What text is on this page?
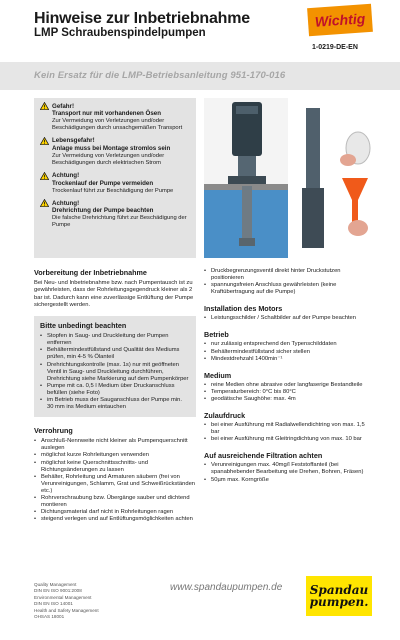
Hinweise zur Inbetriebnahme
LMP Schraubenspindelpumpen
Wichtig
1-0219-DE-EN
Kein Ersatz für die LMP-Betriebsanleitung 951-170-016
Gefahr!
Transport nur mit vorhandenen Ösen
Zur Vermeidung von Verletzungen und/oder Beschädigungen durch unsachgemäßen Transport
Lebensgefahr!
Anlage muss bei Montage stromlos sein
Zur Vermeidung von Verletzungen und/oder Beschädigungen durch elektrischen Strom
Achtung!
Trockenlauf der Pumpe vermeiden
Trockenlauf führt zur Beschädigung der Pumpe
Achtung!
Drehrichtung der Pumpe beachten
Die falsche Drehrichtung führt zur Beschädigung der Pumpe
Vorbereitung der Inbetriebnahme
Bei Neu- und Inbetriebnahme bzw. nach Pumpentausch ist zu gewährleisten, dass der Rohrleitungsgegendruck kleiner als 2 bar ist. Dadurch kann eine zuverlässige Entlüftung der Pumpe sichergestellt werden.
Bitte unbedingt beachten
• Stopfen in Saug- und Druckleitung der Pumpen entfernen
• Behältermindestfüllstand und Qualität des Mediums prüfen, min 4-5 % Ölanteil
• Drehrichtungskontrolle (max. 1s) nur mit geöffneten Ventil in Saug- und Druckleitung durchführen, Drehrichtung siehe Markierung auf dem Pumpenkörper
• Pumpe mit ca. 0,5 l Medium über Druckanschluss befüllen (siehe Foto)
• im Betrieb muss der Sauganschluss der Pumpe min. 30 mm ins Medium eintauchen
Verrohrung
• Anschluß-Nennweite nicht kleiner als Pumpenquerschnitt auslegen
• möglichst kurze Rohrleitungen verwenden
• möglichst keine Querschnittsschnitts- und Richtungsänderungen zu lassen
• Behälter, Rohrleitung und Armaturen säubern (frei von Verunreinigungen, Schlamm, Grat und Schweißrückständen etc.)
• Rohrverschraubung bzw. Übergänge sauber und dichtend montieren
• Dichtungsmaterial darf nicht in Rohrleitungen ragen
• steigend verlegen und auf Entlüftungsmöglichkeiten achten
• Druckbegrenzungsventil direkt hinter Druckstutzen positionieren
• spannungsfreien Anschluss gewährleisten (keine Kraftübertragung auf die Pumpe)
Installation des Motors
• Leistungsschilder / Schaltbilder auf der Pumpe beachten
Betrieb
• nur zulässig entsprechend den Typenschilddaten
• Behältermindestfüllstand sicher stellen
• Mindestdrehzahl 1400min⁻¹
Medium
• reine Medien ohne abrasive oder langfaserige Bestandteile
• Temperaturbereich: 0°C bis 80°C
• geodätische Saughöhe: max. 4m
Zulaufdruck
• bei einer Ausführung mit Radialwellendichtring von max. 1,5 bar
• bei einer Ausführung mit Gleitringdichtung von max. 10 bar
Auf ausreichende Filtration achten
• Verunreinigungen max. 40mg/l Feststoffanteil (bei spanabhebender Bearbeitung wie Drehen, Bohren, Fräsen)
• 50µm max. Korngröße
Quality Management
DIN EN ISO 9001:2008
Environmental Management
DIN EN ISO 14001
Health and Safety Management
OHSAS 18001
www.spandaupumpen.de Spandau
pumpen.
